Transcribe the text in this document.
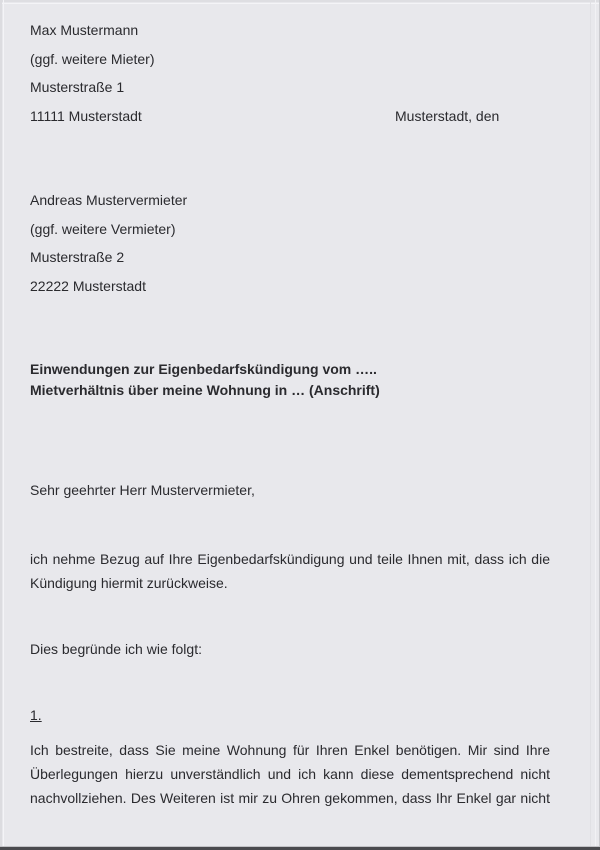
Max Mustermann
(ggf. weitere Mieter)
Musterstraße 1
11111 Musterstadt	Musterstadt, den
Andreas Mustervermieter
(ggf. weitere Vermieter)
Musterstraße 2
22222 Musterstadt
Einwendungen zur Eigenbedarfskündigung vom …..
Mietverhältnis über meine Wohnung in … (Anschrift)
Sehr geehrter Herr Mustervermieter,
ich nehme Bezug auf Ihre Eigenbedarfskündigung und teile Ihnen mit, dass ich die
Kündigung hiermit zurückweise.
Dies begründe ich wie folgt:
1.
Ich bestreite, dass Sie meine Wohnung für Ihren Enkel benötigen. Mir sind Ihre
Überlegungen hierzu unverständlich und ich kann diese dementsprechend nicht
nachvollziehen. Des Weiteren ist mir zu Ohren gekommen, dass Ihr Enkel gar nicht
